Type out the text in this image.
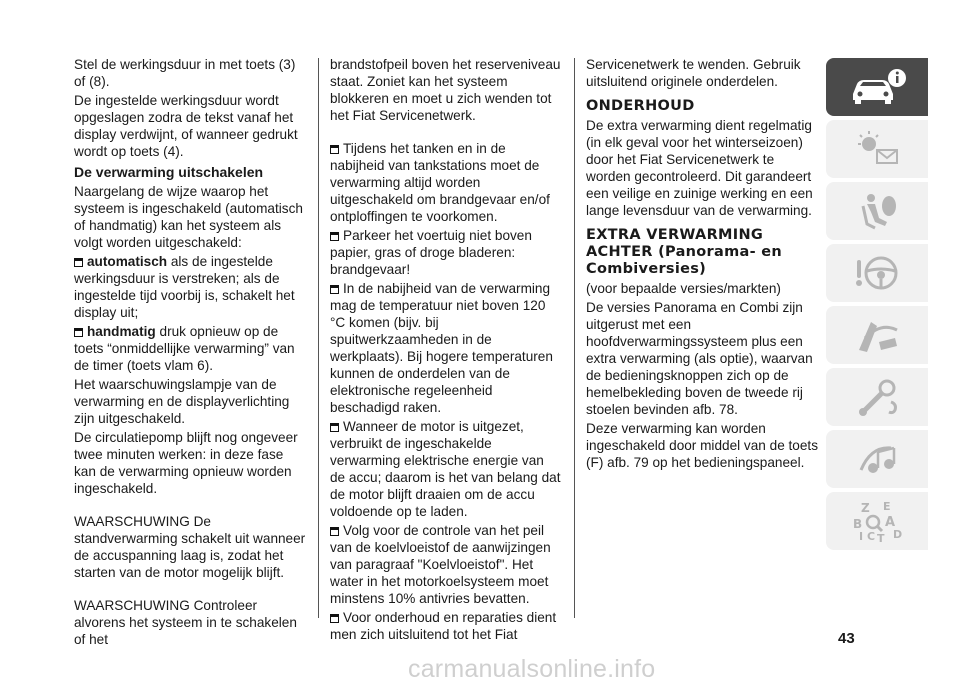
Stel de werkingsduur in met toets (3) of (8).

De ingestelde werkingsduur wordt opgeslagen zodra de tekst vanaf het display verdwijnt, of wanneer gedrukt wordt op toets (4).

De verwarming uitschakelen

Naargelang de wijze waarop het systeem is ingeschakeld (automatisch of handmatig) kan het systeem als volgt worden uitgeschakeld:

automatisch als de ingestelde werkingsduur is verstreken; als de ingestelde tijd voorbij is, schakelt het display uit;

handmatig druk opnieuw op de toets “onmiddellijke verwarming” van de timer (toets vlam 6).

Het waarschuwingslampje van de verwarming en de displayverlichting zijn uitgeschakeld.

De circulatiepomp blijft nog ongeveer twee minuten werken: in deze fase kan de verwarming opnieuw worden ingeschakeld.

WAARSCHUWING De standverwarming schakelt uit wanneer de accuspanning laag is, zodat het starten van de motor mogelijk blijft.

WAARSCHUWING Controleer alvorens het systeem in te schakelen of het

brandstofpeil boven het reserveniveau staat. Zoniet kan het systeem blokkeren en moet u zich wenden tot het Fiat Servicenetwerk.

Tijdens het tanken en in de nabijheid van tankstations moet de verwarming altijd worden uitgeschakeld om brandgevaar en/of ontploffingen te voorkomen.

Parkeer het voertuig niet boven papier, gras of droge bladeren: brandgevaar!

In de nabijheid van de verwarming mag de temperatuur niet boven 120 °C komen (bijv. bij spuitwerkzaamheden in de werkplaats). Bij hogere temperaturen kunnen de onderdelen van de elektronische regeleenheid beschadigd raken.

Wanneer de motor is uitgezet, verbruikt de ingeschakelde verwarming elektrische energie van de accu; daarom is het van belang dat de motor blijft draaien om de accu voldoende op te laden.

Volg voor de controle van het peil van de koelvloeistof de aanwijzingen van paragraaf "Koelvloeistof". Het water in het motorkoelsysteem moet minstens 10% antivries bevatten.

Voor onderhoud en reparaties dient men zich uitsluitend tot het Fiat

Servicenetwerk te wenden. Gebruik uitsluitend originele onderdelen.

ONDERHOUD

De extra verwarming dient regelmatig (in elk geval voor het winterseizoen) door het Fiat Servicenetwerk te worden gecontroleerd. Dit garandeert een veilige en zuinige werking en een lange levensduur van de verwarming.

EXTRA VERWARMING
ACHTER (Panorama- en
Combiversies)

(voor bepaalde versies/markten)

De versies Panorama en Combi zijn uitgerust met een hoofdverwarmingssysteem plus een extra verwarming (als optie), waarvan de bedieningsknoppen zich op de hemelbekleding boven de tweede rij stoelen bevinden afb. 78.

Deze verwarming kan worden ingeschakeld door middel van de toets (F) afb. 79 op het bedieningspaneel.

Z E
B A
I C T D
43
carmanualsonline.info
